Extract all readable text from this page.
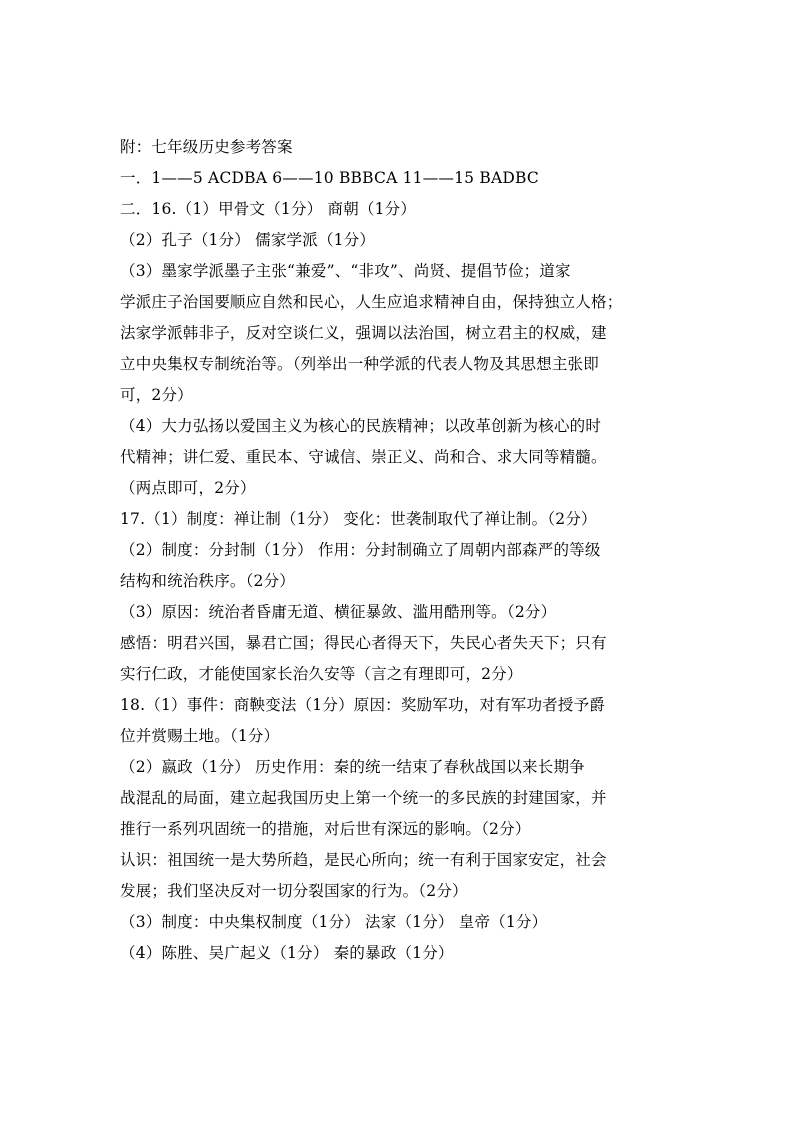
附：七年级历史参考答案
一．1——5 ACDBA 6——10 BBBCA 11——15 BADBC
二．16.（1）甲骨文（1分） 商朝（1分）
（2）孔子（1分） 儒家学派（1分）
（3）墨家学派墨子主张“兼爱”、“非攻”、尚贤、提倡节俭；道家
学派庄子治国要顺应自然和民心，人生应追求精神自由，保持独立人格；
法家学派韩非子，反对空谈仁义，强调以法治国，树立君主的权威，建
立中央集权专制统治等。（列举出一种学派的代表人物及其思想主张即
可，2分）
（4）大力弘扬以爱国主义为核心的民族精神；以改革创新为核心的时
代精神；讲仁爱、重民本、守诚信、崇正义、尚和合、求大同等精髓。
（两点即可，2分）
17.（1）制度：禅让制（1分） 变化：世袭制取代了禅让制。（2分）
（2）制度：分封制（1分） 作用：分封制确立了周朝内部森严的等级
结构和统治秩序。（2分）
（3）原因：统治者昏庸无道、横征暴敛、滥用酷刑等。（2分）
感悟：明君兴国，暴君亡国；得民心者得天下，失民心者失天下；只有
实行仁政，才能使国家长治久安等（言之有理即可，2分）
18.（1）事件：商鞅变法（1分）原因：奖励军功，对有军功者授予爵
位并赏赐土地。（1分）
（2）嬴政（1分） 历史作用：秦的统一结束了春秋战国以来长期争
战混乱的局面，建立起我国历史上第一个统一的多民族的封建国家，并
推行一系列巩固统一的措施，对后世有深远的影响。（2分）
认识：祖国统一是大势所趋，是民心所向；统一有利于国家安定，社会
发展；我们坚决反对一切分裂国家的行为。（2分）
（3）制度：中央集权制度（1分） 法家（1分） 皇帝（1分）
（4）陈胜、吴广起义（1分） 秦的暴政（1分）
